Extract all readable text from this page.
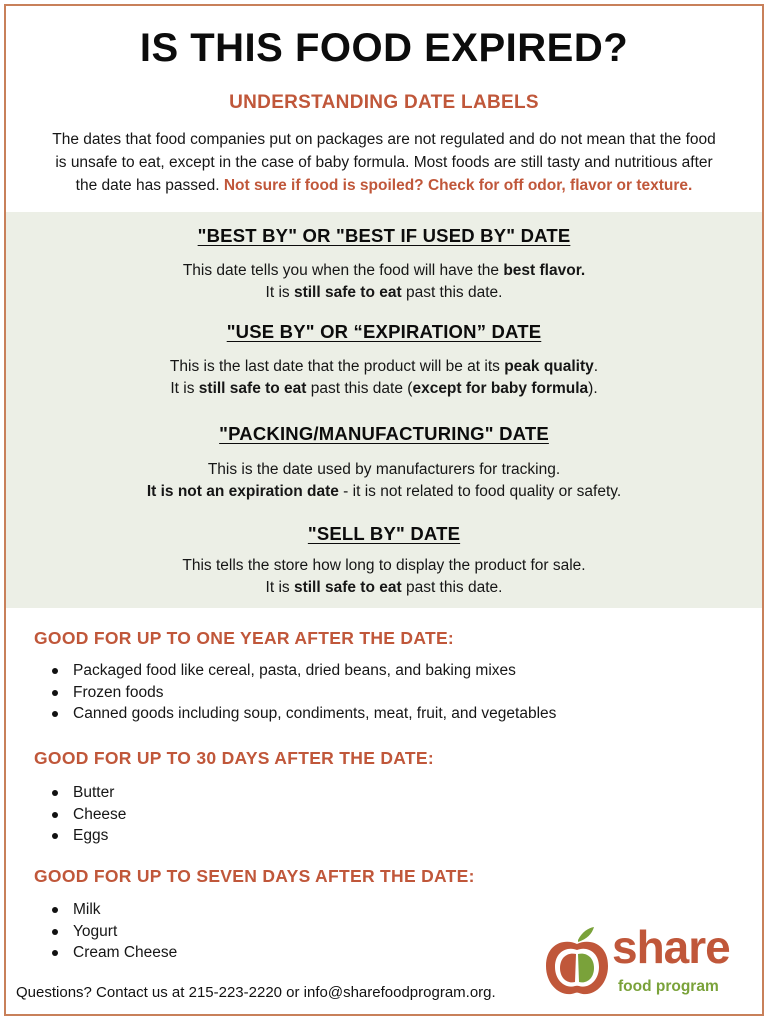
IS THIS FOOD EXPIRED?
UNDERSTANDING DATE LABELS
The dates that food companies put on packages are not regulated and do not mean that the food
is unsafe to eat, except in the case of baby formula. Most foods are still tasty and nutritious after
the date has passed. Not sure if food is spoiled? Check for off odor, flavor or texture.
"BEST BY" OR "BEST IF USED BY" DATE
This date tells you when the food will have the best flavor.
It is still safe to eat past this date.
"USE BY" OR “EXPIRATION” DATE
This is the last date that the product will be at its peak quality.
It is still safe to eat past this date (except for baby formula).
"PACKING/MANUFACTURING" DATE
This is the date used by manufacturers for tracking.
It is not an expiration date - it is not related to food quality or safety.
"SELL BY" DATE
This tells the store how long to display the product for sale.
It is still safe to eat past this date.
GOOD FOR UP TO ONE YEAR AFTER THE DATE:
Packaged food like cereal, pasta, dried beans, and baking mixes
Frozen foods
Canned goods including soup, condiments, meat, fruit, and vegetables
GOOD FOR UP TO 30 DAYS AFTER THE DATE:
Butter
Cheese
Eggs
GOOD FOR UP TO SEVEN DAYS AFTER THE DATE:
Milk
Yogurt
Cream Cheese
Questions? Contact us at 215-223-2220 or info@sharefoodprogram.org.
share
food program
